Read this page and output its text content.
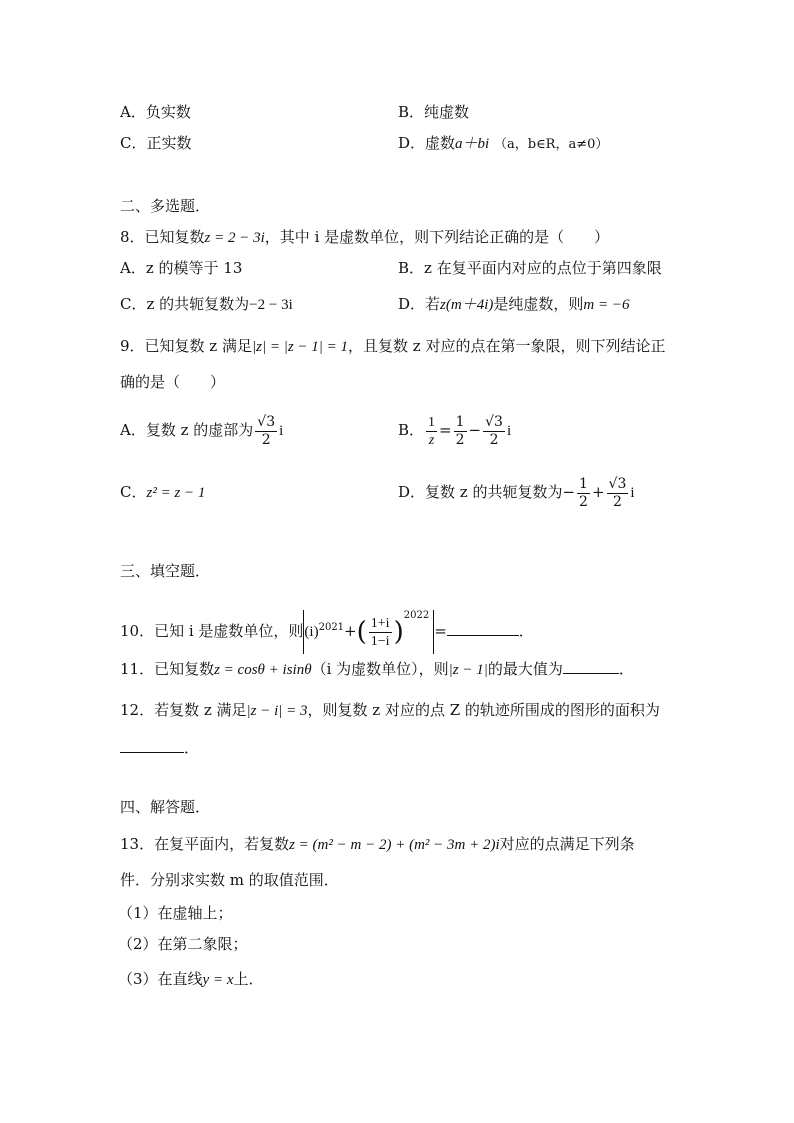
A．负实数	B．纯虚数
C．正实数	D．虚数a＋bi （a，b∈R，a≠0）
二、多选题．
8．已知复数z = 2 − 3i，其中 i 是虚数单位，则下列结论正确的是（　　）
A．z 的模等于 13	B．z 在复平面内对应的点位于第四象限
C．z 的共轭复数为−2 − 3i	D．若z(m＋4i)是纯虚数，则m = −6
9．已知复数 z 满足|z| = |z − 1| = 1，且复数 z 对应的点在第一象限，则下列结论正
确的是（　　）
A．复数 z 的虚部为 $\frac{√3}{2}$ i	B． $\frac{1}{z} = \frac{1}{2} - \frac{√3}{2}$ i
C．z² = z − 1	D．复数 z 的共轭复数为− $\frac{1}{2} + \frac{√3}{2}$ i
三、填空题．
10．已知 i 是虚数单位，则$(i)^{2021}+( \frac{1+i}{1-i} )^{2022}=$	．
11．已知复数z = cosθ + isinθ（i 为虚数单位），则|z − 1|的最大值为	．
12．若复数 z 满足|z − i| = 3，则复数 z 对应的点 Z 的轨迹所围成的图形的面积为
．
四、解答题．
13．在复平面内，若复数z = (m² − m − 2) + (m² − 3m + 2)i对应的点满足下列条
件．分别求实数 m 的取值范围．
（1）在虚轴上；
（2）在第二象限；
（3）在直线y = x上．
